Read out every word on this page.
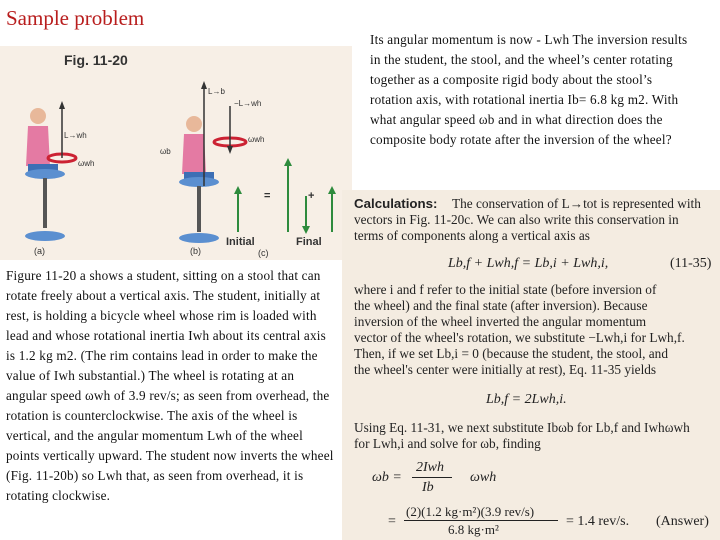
Sample problem
Fig. 11-20
L→wh
ωwh
L→b
−L→wh
ωwh
ωb
(a)	(b)	(c)
Initial	Final
=	+
Its angular momentum is now - Lwh The inversion results in the student, the stool, and the wheel’s center rotating together as a composite rigid body about the stool’s rotation axis, with rotational inertia Ib= 6.8 kg m2. With what angular speed ωb and in what direction does the composite body rotate after the inversion of the wheel?
Figure 11-20 a shows a student, sitting on a stool that can rotate freely about a vertical axis. The student, initially at rest, is holding a bicycle wheel whose rim is loaded with lead and whose rotational inertia Iwh about its central axis is 1.2 kg m2. (The rim contains lead in order to make the value of Iwh substantial.) The wheel is rotating at an angular speed ωwh of 3.9 rev/s; as seen from overhead, the rotation is counterclockwise. The axis of the wheel is vertical, and the angular momentum Lwh of the wheel points vertically upward. The student now inverts the wheel (Fig. 11-20b) so Lwh that, as seen from overhead, it is rotating clockwise.
Calculations: The conservation of L→tot is represented with
vectors in Fig. 11-20c. We can also write this conservation in
terms of components along a vertical axis as
Lb,f + Lwh,f = Lb,i + Lwh,i,	(11-35)
where i and f refer to the initial state (before inversion of
the wheel) and the final state (after inversion). Because
inversion of the wheel inverted the angular momentum
vector of the wheel's rotation, we substitute −Lwh,i for Lwh,f.
Then, if we set Lb,i = 0 (because the student, the stool, and
the wheel's center were initially at rest), Eq. 11-35 yields
Lb,f = 2Lwh,i.
Using Eq. 11-31, we next substitute Ibωb for Lb,f and Iwhωwh
for Lwh,i and solve for ωb, finding
ωb =
2Iwh
Ib
ωwh
=
(2)(1.2 kg·m²)(3.9 rev/s)
6.8 kg·m²
= 1.4 rev/s. (Answer)
